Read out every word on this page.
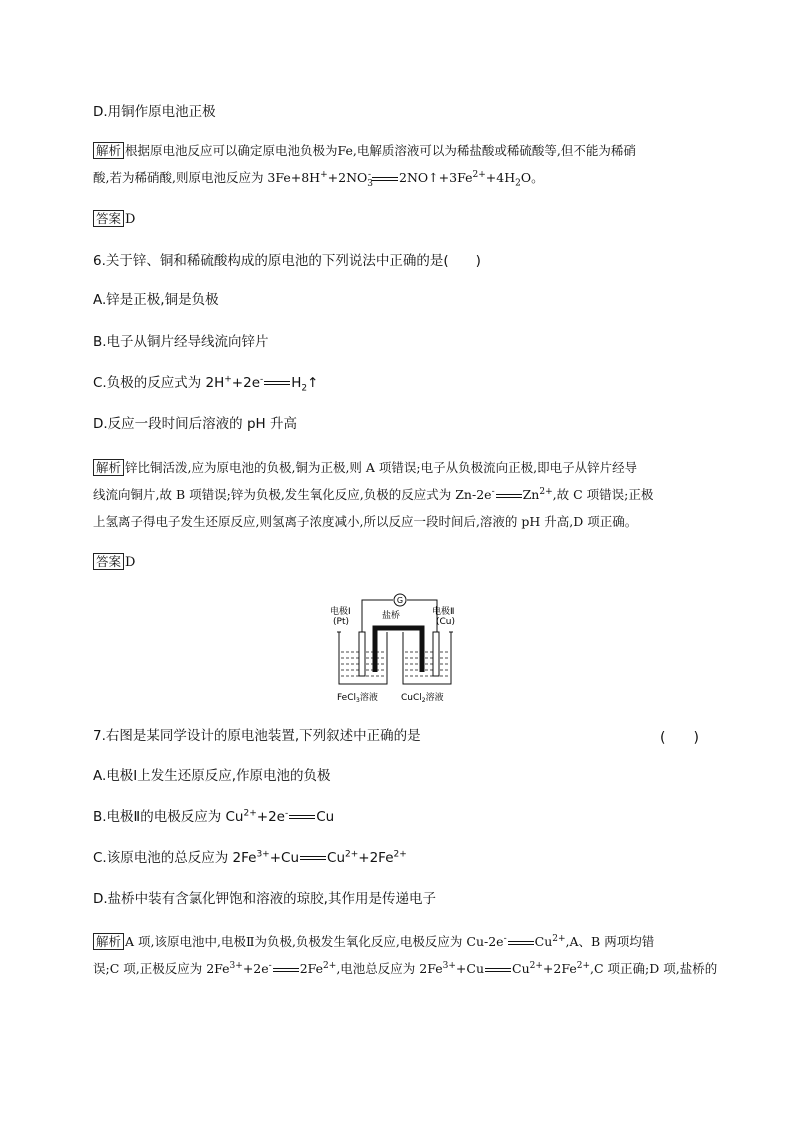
D.用铜作原电池正极
解析 根据原电池反应可以确定原电池负极为Fe,电解质溶液可以为稀盐酸或稀硫酸等,但不能为稀硝
酸,若为稀硝酸,则原电池反应为 $3Fe+8H^++2NO_3^-$ $2NO↑+3Fe^{2+}+4H_2O$。
答案 D
6.关于锌、铜和稀硫酸构成的原电池的下列说法中正确的是(　　)
A.锌是正极,铜是负极
B.电子从铜片经导线流向锌片
C.负极的反应式为 2H++2e- $H_2↑$
D.反应一段时间后溶液的 pH 升高
解析 锌比铜活泼,应为原电池的负极,铜为正极,则 A 项错误;电子从负极流向正极,即电子从锌片经导
线流向铜片,故 B 项错误;锌为负极,发生氧化反应,负极的反应式为 Zn-2e- $Zn^{2+}$,故 C 项错误;正极
上氢离子得电子发生还原反应,则氢离子浓度减小,所以反应一段时间后,溶液的 pH 升高,D 项正确。
答案 D
G
电极Ⅰ
(Pt)
盐桥	电极Ⅱ
(Cu)
FeCl$_3$溶液	CuCl$_2$溶液
7.右图是某同学设计的原电池装置,下列叙述中正确的是	(　　)
A.电极Ⅰ上发生还原反应,作原电池的负极
B.电极Ⅱ的电极反应为 $Cu^{2+}+2e^-$ Cu
C.该原电池的总反应为 $2Fe^{3+}+Cu$ $Cu^{2+}+2Fe^{2+}$
D.盐桥中装有含氯化钾饱和溶液的琼胶,其作用是传递电子
解析 A 项,该原电池中,电极Ⅱ为负极,负极发生氧化反应,电极反应为 Cu-2e- $Cu^{2+},A$、B 两项均错
误;C 项,正极反应为 $2Fe^{3+}+2e^-$ $2Fe^{2+}$,电池总反应为 $2Fe^{3+}+Cu$ $Cu^{2+}+2Fe^{2+},C$ 项正确;D 项,盐桥的
